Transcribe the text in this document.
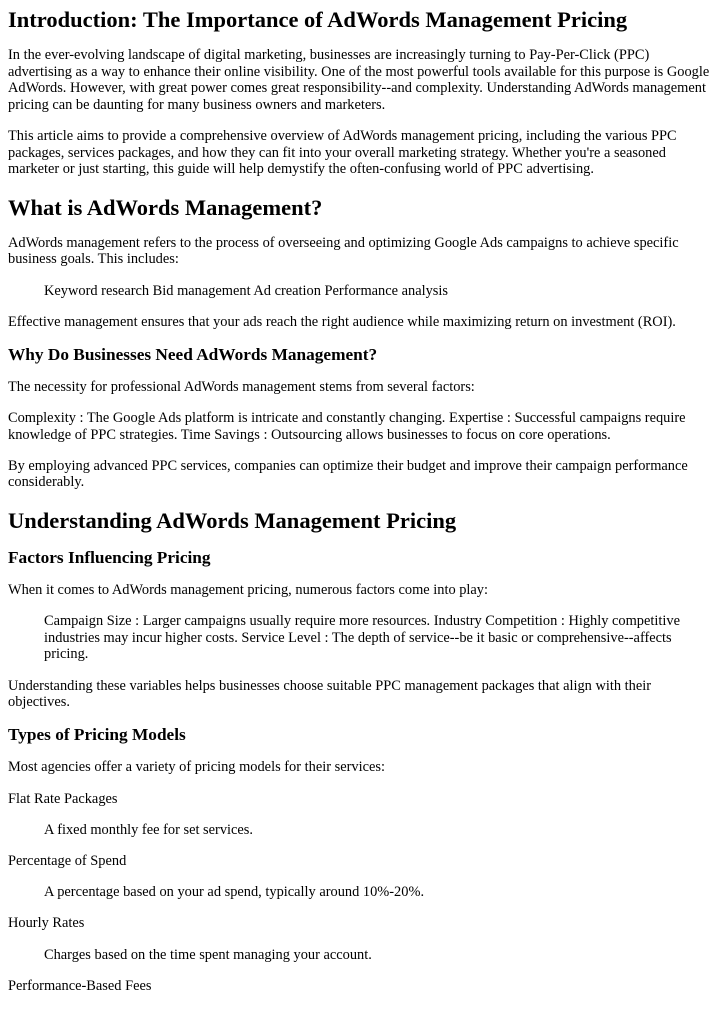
Introduction: The Importance of AdWords Management Pricing

In the ever-evolving landscape of digital marketing, businesses are increasingly turning to Pay-Per-Click (PPC) advertising as a way to enhance their online visibility. One of the most powerful tools available for this purpose is Google AdWords. However, with great power comes great responsibility--and complexity. Understanding AdWords management pricing can be daunting for many business owners and marketers.

This article aims to provide a comprehensive overview of AdWords management pricing, including the various PPC packages, services packages, and how they can fit into your overall marketing strategy. Whether you're a seasoned marketer or just starting, this guide will help demystify the often-confusing world of PPC advertising.

What is AdWords Management?

AdWords management refers to the process of overseeing and optimizing Google Ads campaigns to achieve specific business goals. This includes:

Keyword research Bid management Ad creation Performance analysis

Effective management ensures that your ads reach the right audience while maximizing return on investment (ROI).

Why Do Businesses Need AdWords Management?

The necessity for professional AdWords management stems from several factors:

Complexity : The Google Ads platform is intricate and constantly changing. Expertise : Successful campaigns require knowledge of PPC strategies. Time Savings : Outsourcing allows businesses to focus on core operations.

By employing advanced PPC services, companies can optimize their budget and improve their campaign performance considerably.

Understanding AdWords Management Pricing
Factors Influencing Pricing

When it comes to AdWords management pricing, numerous factors come into play:

Campaign Size : Larger campaigns usually require more resources. Industry Competition : Highly competitive industries may incur higher costs. Service Level : The depth of service--be it basic or comprehensive--affects pricing.

Understanding these variables helps businesses choose suitable PPC management packages that align with their objectives.

Types of Pricing Models

Most agencies offer a variety of pricing models for their services:

Flat Rate Packages

A fixed monthly fee for set services.

Percentage of Spend

A percentage based on your ad spend, typically around 10%-20%.

Hourly Rates

Charges based on the time spent managing your account.

Performance-Based Fees
